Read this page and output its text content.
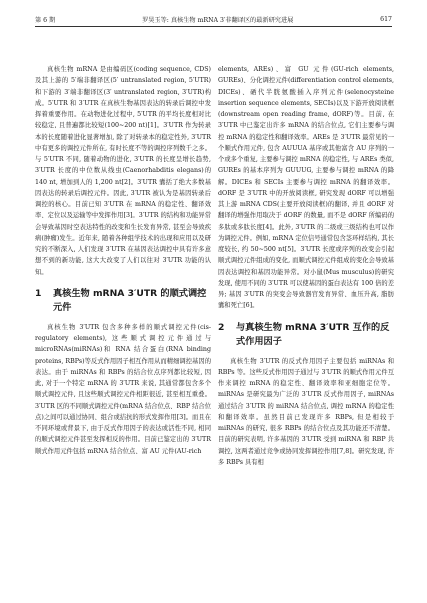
第 6 期	罗昊玉等: 真核生物 mRNA 3′非翻译区的最新研究进展	617

真核生物 mRNA 是由编码区(coding sequence, CDS)及其上游的 5′端非翻译区(5′ untranslated region, 5′UTR)和下游的 3′端非翻译区(3′ untranslated region, 3′UTR)构成。5′UTR 和 3′UTR 在真核生物基因表达的转录后调控中发挥着重要作用。在动物进化过程中, 5′UTR 的平均长度相对比较稳定, 且普遍都比较短(100~200 nt)[1]。3′UTR 作为转录本的长度随着进化显著增加, 除了对转录本的稳定性外, 3′UTR 中有更多的调控元件所在, 有时长度不等的调控序列数千之多。与 5′UTR 不同, 随着动物的进化, 3′UTR 的长度呈增长趋势, 3′UTR 长度的中位数从线虫(Caenorhabditis elegans)的 140 nt, 增加到人的 1,200 nt[2]。3′UTR 囊括了绝大多数基因表达的转录后调控元件。因此, 3′UTR 被认为是基因转录后调控的核心。目前已知 3′UTR 在 mRNA 的稳定性、翻译效率、定位以及运输等中发挥作用[3]。3′UTR 的结构和功能异常会导致基因时空表达特性的改变和生长发育异常, 甚至会导致疾病(肿瘤)发生。近年来, 随着各种组学技术的出现和应用以及研究的不断深入, 人们发现 3′UTR 在基因表达调控中具有许多意想不到的新功能, 这大大改变了人们以往对 3′UTR 功能的认知。

1	真核生物 mRNA 3′UTR 的顺式调控元件

真核生物 3′UTR 包含多种多样的顺式调控元件(cis-regulatory elements), 这些顺式调控元件通过与 microRNAs(miRNAs)和 RNA 结合蛋白(RNA binding proteins, RBPs)等反式作用因子相互作用从而精细调控基因的表达。由于 miRNAs 和 RBPs 的结合位点序列都比较短, 因此, 对于一个特定 mRNA 的 3′UTR 来说, 其通常都包含多个顺式调控元件, 且这些顺式调控元件相距很近, 甚至相互重叠。3′UTR 区的不同顺式调控元件(mRNA 结合位点、RBP 结合位点)之间可以通过协同、组合或拮抗的形式发挥作用[3]。而且在不同环境或背景下, 由于反式作用因子的表达或活性不同, 相同的顺式调控元件甚至发挥相反的作用。目前已鉴定出的 3′UTR 顺式作用元件包括 mRNA 结合位点、富 AU 元件(AU-rich

elements, AREs)、富 GU 元件(GU-rich elements, GUREs)、分化调控元件(differentiation control elements, DICEs)、硒代半胱氨酸插入序列元件(selenocysteine insertion sequence elements, SECIs)以及下游开放阅读框(downstream open reading frame, dORF)等。目前, 在 3′UTR 中已鉴定出许多 mRNA 的结合位点, 它们主要参与调控 mRNA 的稳定性和翻译效率。AREs 是 3′UTR 最常见的一个顺式作用元件, 包含 AUUUA 基序或其他富含 AU 序列的一个或多个重复, 主要参与调控 mRNA 的稳定性, 与 AREs 类似, GUREs 的基本序列为 GUUUG, 主要参与调控 mRNA 的降解。DICEs 和 SECIs 主要参与调控 mRNA 的翻译效率。dORF 是 3′UTR 中的开放阅读框, 研究发现 dORF 可以增强其上游 mRNA CDS(主要开放阅读框)的翻译, 并且 dORF 对翻译的增强作用取决于 dORF 的数量, 而不是 dORF 所编码的多肽或多肽长度[4]。此外, 3′UTR 的二级或三级结构也可以作为调控元件。例如, mRNA 定位信号通常包含茎环样结构, 其长度较长, 约 50~500 nt[5]。3′UTR 长度或序列的改变会引起顺式调控元件组成的变化, 而顺式调控元件组成的变化会导致基因表达调控和基因功能异常。对小鼠(Mus musculus)的研究发现, 使用不同的 3′UTR 可以使基因的蛋白表达有 100 倍的差异; 基因 3′UTR 的突变会导致器官发育异常、血压升高, 脂肪囊和死亡[6]。

2	与真核生物 mRNA 3′UTR 互作的反式作用因子

真核生物 3′UTR 的反式作用因子主要包括 miRNAs 和 RBPs 等。这些反式作用因子通过与 3′UTR 的顺式作用元件互作来调控 mRNA 的稳定性、翻译效率和亚细胞定位等。miRNAs 是研究最为广泛的 3′UTR 反式作用因子, miRNAs 通过结合 3′UTR 的 miRNA 结合位点, 调控 mRNA 的稳定性和翻译效率。虽然目前已发现许多 RBPs, 但是相较于 miRNAs 的研究, 很多 RBPs 的结合位点及其功能还不清楚。目前的研究表明, 许多基因的 3′UTR 受到 miRNA 和 RBP 共调控, 这两者通过竞争或协同发挥调控作用[7,8]。研究发现, 许多 RBPs 具有相
